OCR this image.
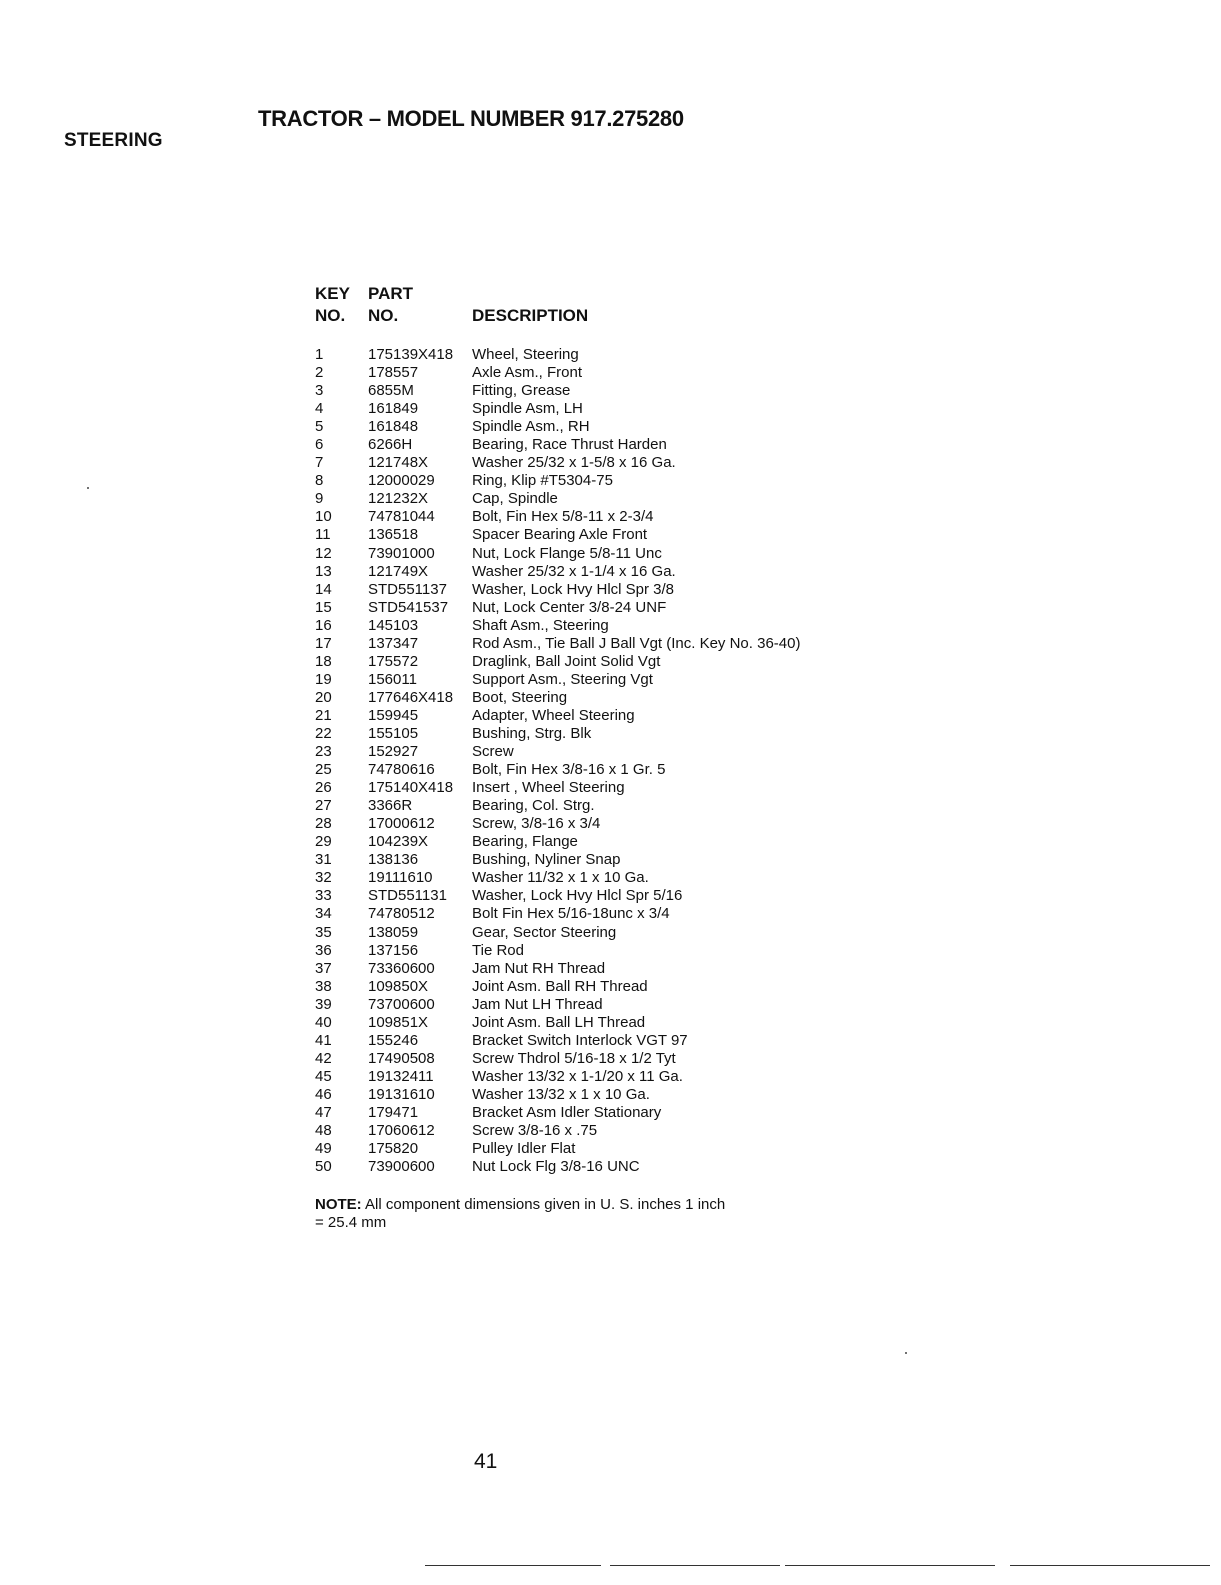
STEERING
TRACTOR – MODEL NUMBER 917.275280
KEY
NO.
PART
NO.	DESCRIPTION
1	175139X418 Wheel, Steering
2	178557	Axle Asm., Front
3	6855M	Fitting, Grease
4	161849	Spindle Asm, LH
5	161848	Spindle Asm., RH
6	6266H	Bearing, Race Thrust Harden
7	121748X	Washer 25/32 x 1-5/8 x 16 Ga.
8	12000029 Ring, Klip #T5304-75
9	121232X	Cap, Spindle
10 74781044 Bolt, Fin Hex 5/8-11 x 2-3/4
11 136518	Spacer Bearing Axle Front
12 73901000 Nut, Lock Flange 5/8-11 Unc
13 121749X	Washer 25/32 x 1-1/4 x 16 Ga.
14 STD551137 Washer, Lock Hvy Hlcl Spr 3/8
15 STD541537 Nut, Lock Center 3/8-24 UNF
16 145103	Shaft Asm., Steering
17 137347	Rod Asm., Tie Ball J Ball Vgt (Inc. Key No. 36-40)
18 175572	Draglink, Ball Joint Solid Vgt
19 156011	Support Asm., Steering Vgt
20 177646X418 Boot, Steering
21 159945	Adapter, Wheel Steering
22 155105	Bushing, Strg. Blk
23 152927	Screw
25 74780616 Bolt, Fin Hex 3/8-16 x 1 Gr. 5
26 175140X418 Insert , Wheel Steering
27 3366R	Bearing, Col. Strg.
28 17000612 Screw, 3/8-16 x 3/4
29 104239X	Bearing, Flange
31 138136	Bushing, Nyliner Snap
32 19111610	Washer 11/32 x 1 x 10 Ga.
33 STD551131 Washer, Lock Hvy Hlcl Spr 5/16
34 74780512 Bolt Fin Hex 5/16-18unc x 3/4
35 138059	Gear, Sector Steering
36 137156	Tie Rod
37 73360600 Jam Nut RH Thread
38 109850X	Joint Asm. Ball RH Thread
39 73700600 Jam Nut LH Thread
40 109851X	Joint Asm. Ball LH Thread
41 155246	Bracket Switch Interlock VGT 97
42 17490508 Screw Thdrol 5/16-18 x 1/2 Tyt
45 19132411	Washer 13/32 x 1-1/20 x 11 Ga.
46 19131610 Washer 13/32 x 1 x 10 Ga.
47 179471	Bracket Asm Idler Stationary
48 17060612 Screw 3/8-16 x .75
49 175820	Pulley Idler Flat
50 73900600 Nut Lock Flg 3/8-16 UNC
NOTE: All component dimensions given in U. S. inches 1 inch = 25.4 mm
41
